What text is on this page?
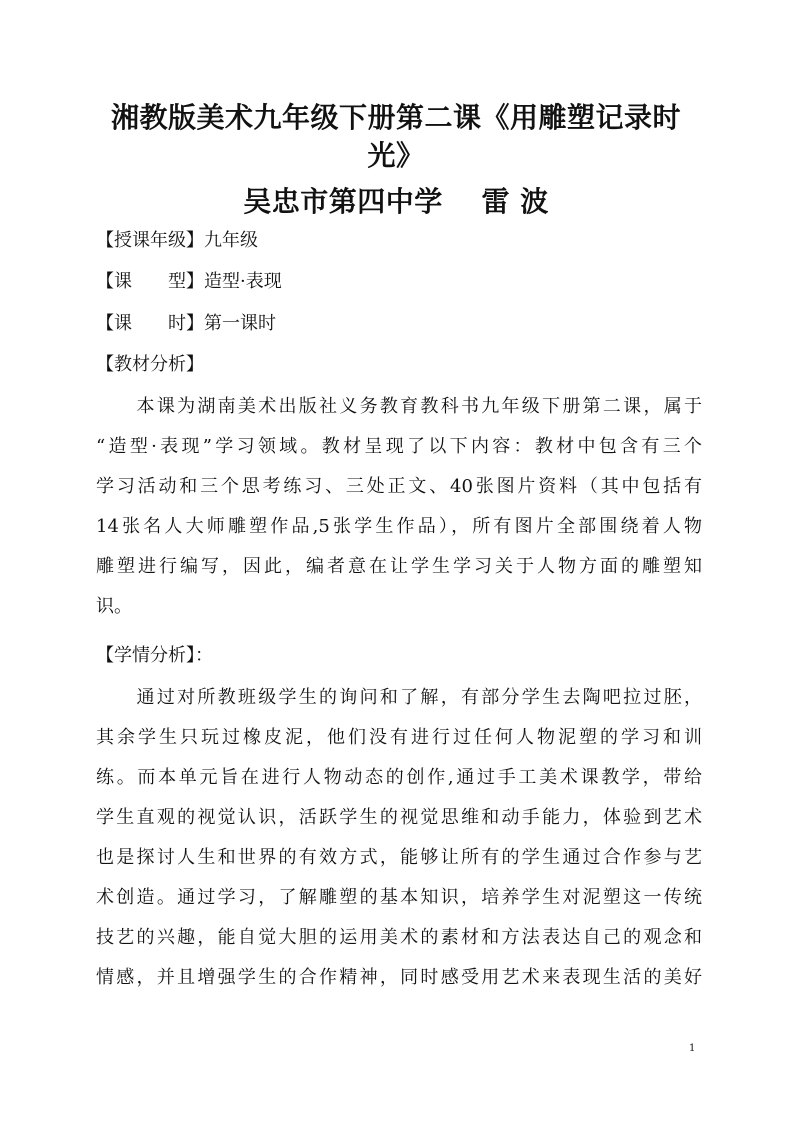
湘教版美术九年级下册第二课《用雕塑记录时
光》
吴忠市第四中学　 雷 波
【授课年级】九年级
【课　　型】造型·表现
【课　　时】第一课时
【教材分析】
　　本课为湖南美术出版社义务教育教科书九年级下册第二课，属于
“造型·表现”学习领域。教材呈现了以下内容：教材中包含有三个
学习活动和三个思考练习、三处正文、40张图片资料（其中包括有
14张名人大师雕塑作品,5张学生作品），所有图片全部围绕着人物
雕塑进行编写，因此，编者意在让学生学习关于人物方面的雕塑知
识。
【学情分析】：
　　通过对所教班级学生的询问和了解，有部分学生去陶吧拉过胚，
其余学生只玩过橡皮泥，他们没有进行过任何人物泥塑的学习和训
练。而本单元旨在进行人物动态的创作,通过手工美术课教学，带给
学生直观的视觉认识，活跃学生的视觉思维和动手能力，体验到艺术
也是探讨人生和世界的有效方式，能够让所有的学生通过合作参与艺
术创造。通过学习，了解雕塑的基本知识，培养学生对泥塑这一传统
技艺的兴趣，能自觉大胆的运用美术的素材和方法表达自己的观念和
情感，并且增强学生的合作精神，同时感受用艺术来表现生活的美好
1
